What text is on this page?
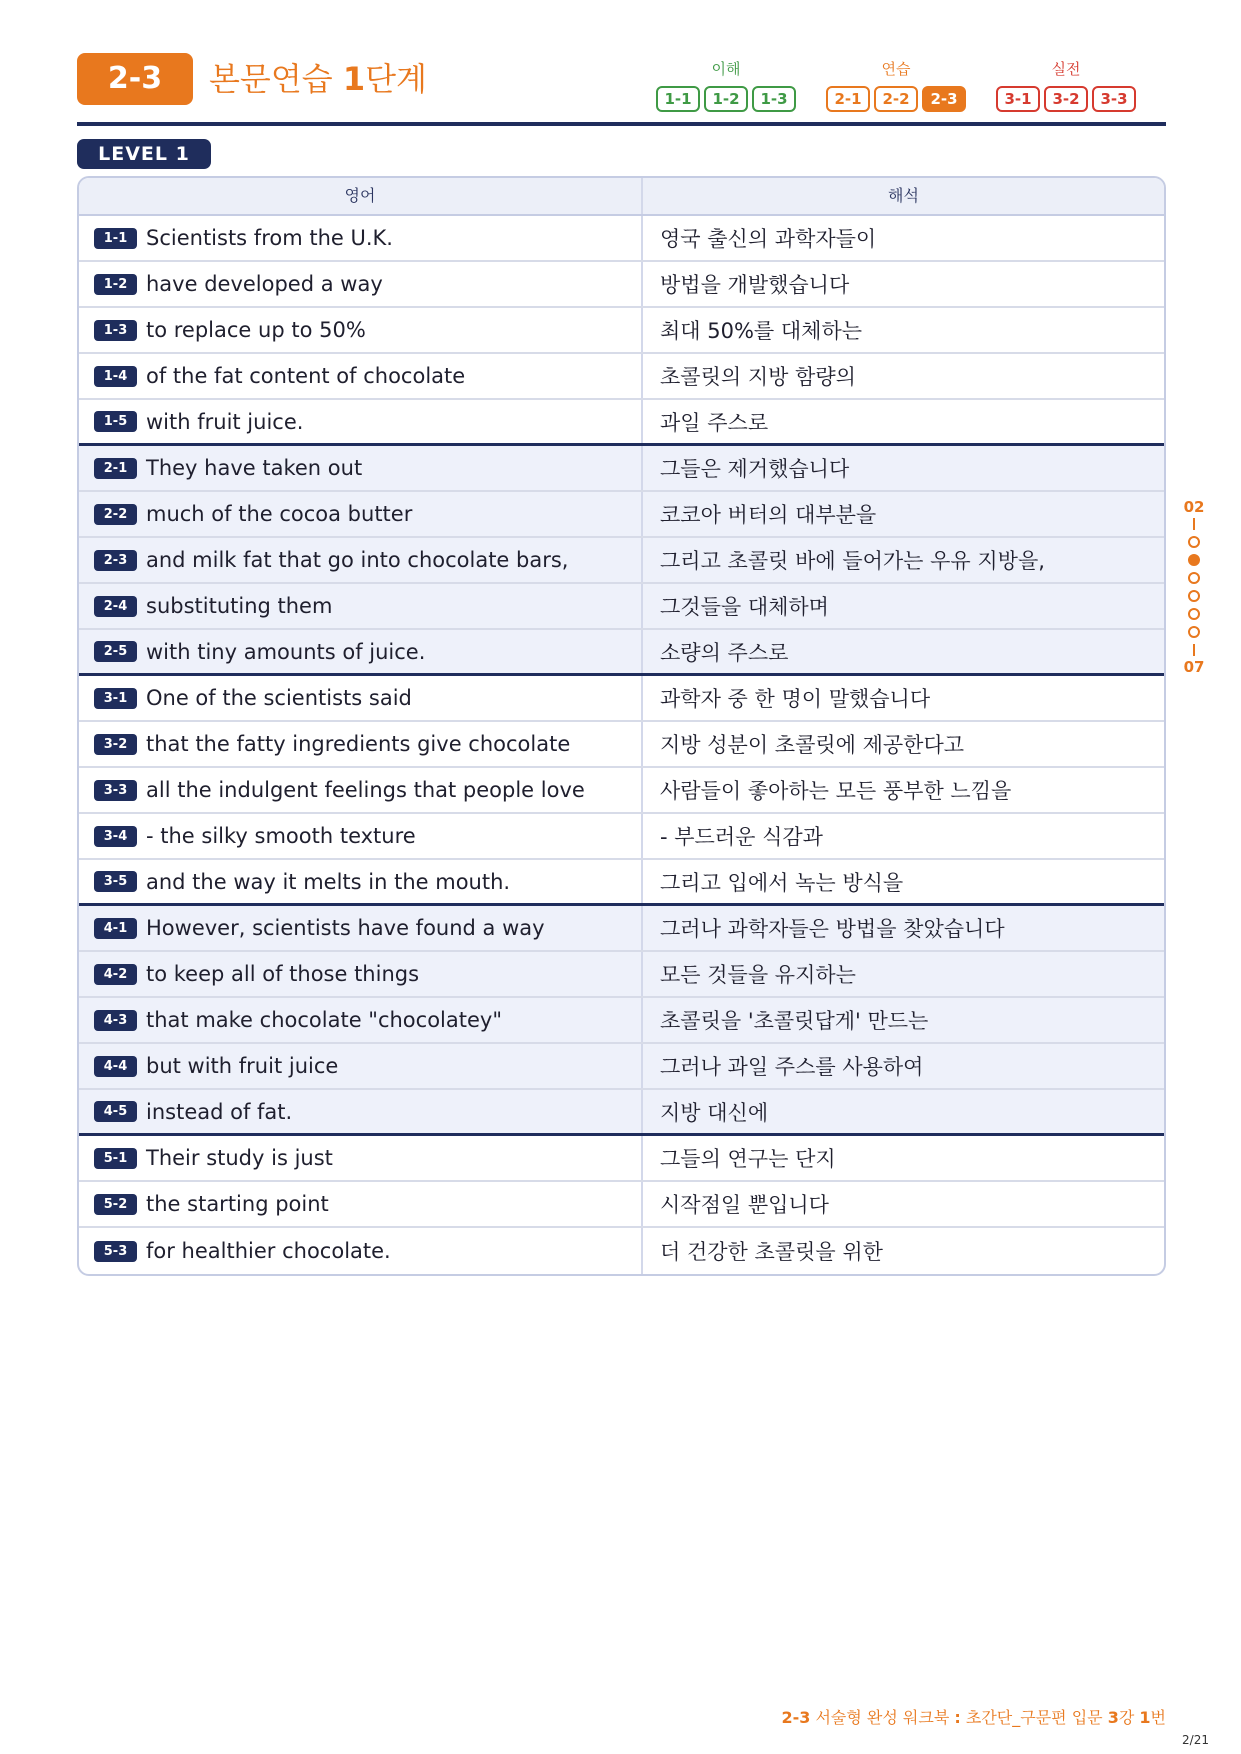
2-3	본문연습 1단계	이해
1-1	1-2	1-3
연습
2-1	2-2	2-3
실전
3-1	3-2	3-3
LEVEL 1
영어	해석
1-1 Scientists from the U.K.	영국 출신의 과학자들이
1-2 have developed a way	방법을 개발했습니다
1-3 to replace up to 50%	최대 50%를 대체하는
1-4 of the fat content of chocolate	초콜릿의 지방 함량의
1-5 with fruit juice.	과일 주스로
2-1 They have taken out	그들은 제거했습니다
2-2 much of the cocoa butter	코코아 버터의 대부분을
2-3 and milk fat that go into chocolate bars,	그리고 초콜릿 바에 들어가는 우유 지방을,
2-4 substituting them	그것들을 대체하며
2-5 with tiny amounts of juice.	소량의 주스로
3-1 One of the scientists said	과학자 중 한 명이 말했습니다
3-2 that the fatty ingredients give chocolate	지방 성분이 초콜릿에 제공한다고
3-3 all the indulgent feelings that people love	사람들이 좋아하는 모든 풍부한 느낌을
3-4 - the silky smooth texture	- 부드러운 식감과
3-5 and the way it melts in the mouth.	그리고 입에서 녹는 방식을
4-1 However, scientists have found a way	그러나 과학자들은 방법을 찾았습니다
4-2 to keep all of those things	모든 것들을 유지하는
4-3 that make chocolate "chocolatey"	초콜릿을 '초콜릿답게' 만드는
4-4 but with fruit juice	그러나 과일 주스를 사용하여
4-5 instead of fat.	지방 대신에
5-1 Their study is just	그들의 연구는 단지
5-2 the starting point	시작점일 뿐입니다
5-3 for healthier chocolate.	더 건강한 초콜릿을 위한
02
07
2-3 서술형 완성 워크북 : 초간단_구문편 입문 3강 1번
2/21
